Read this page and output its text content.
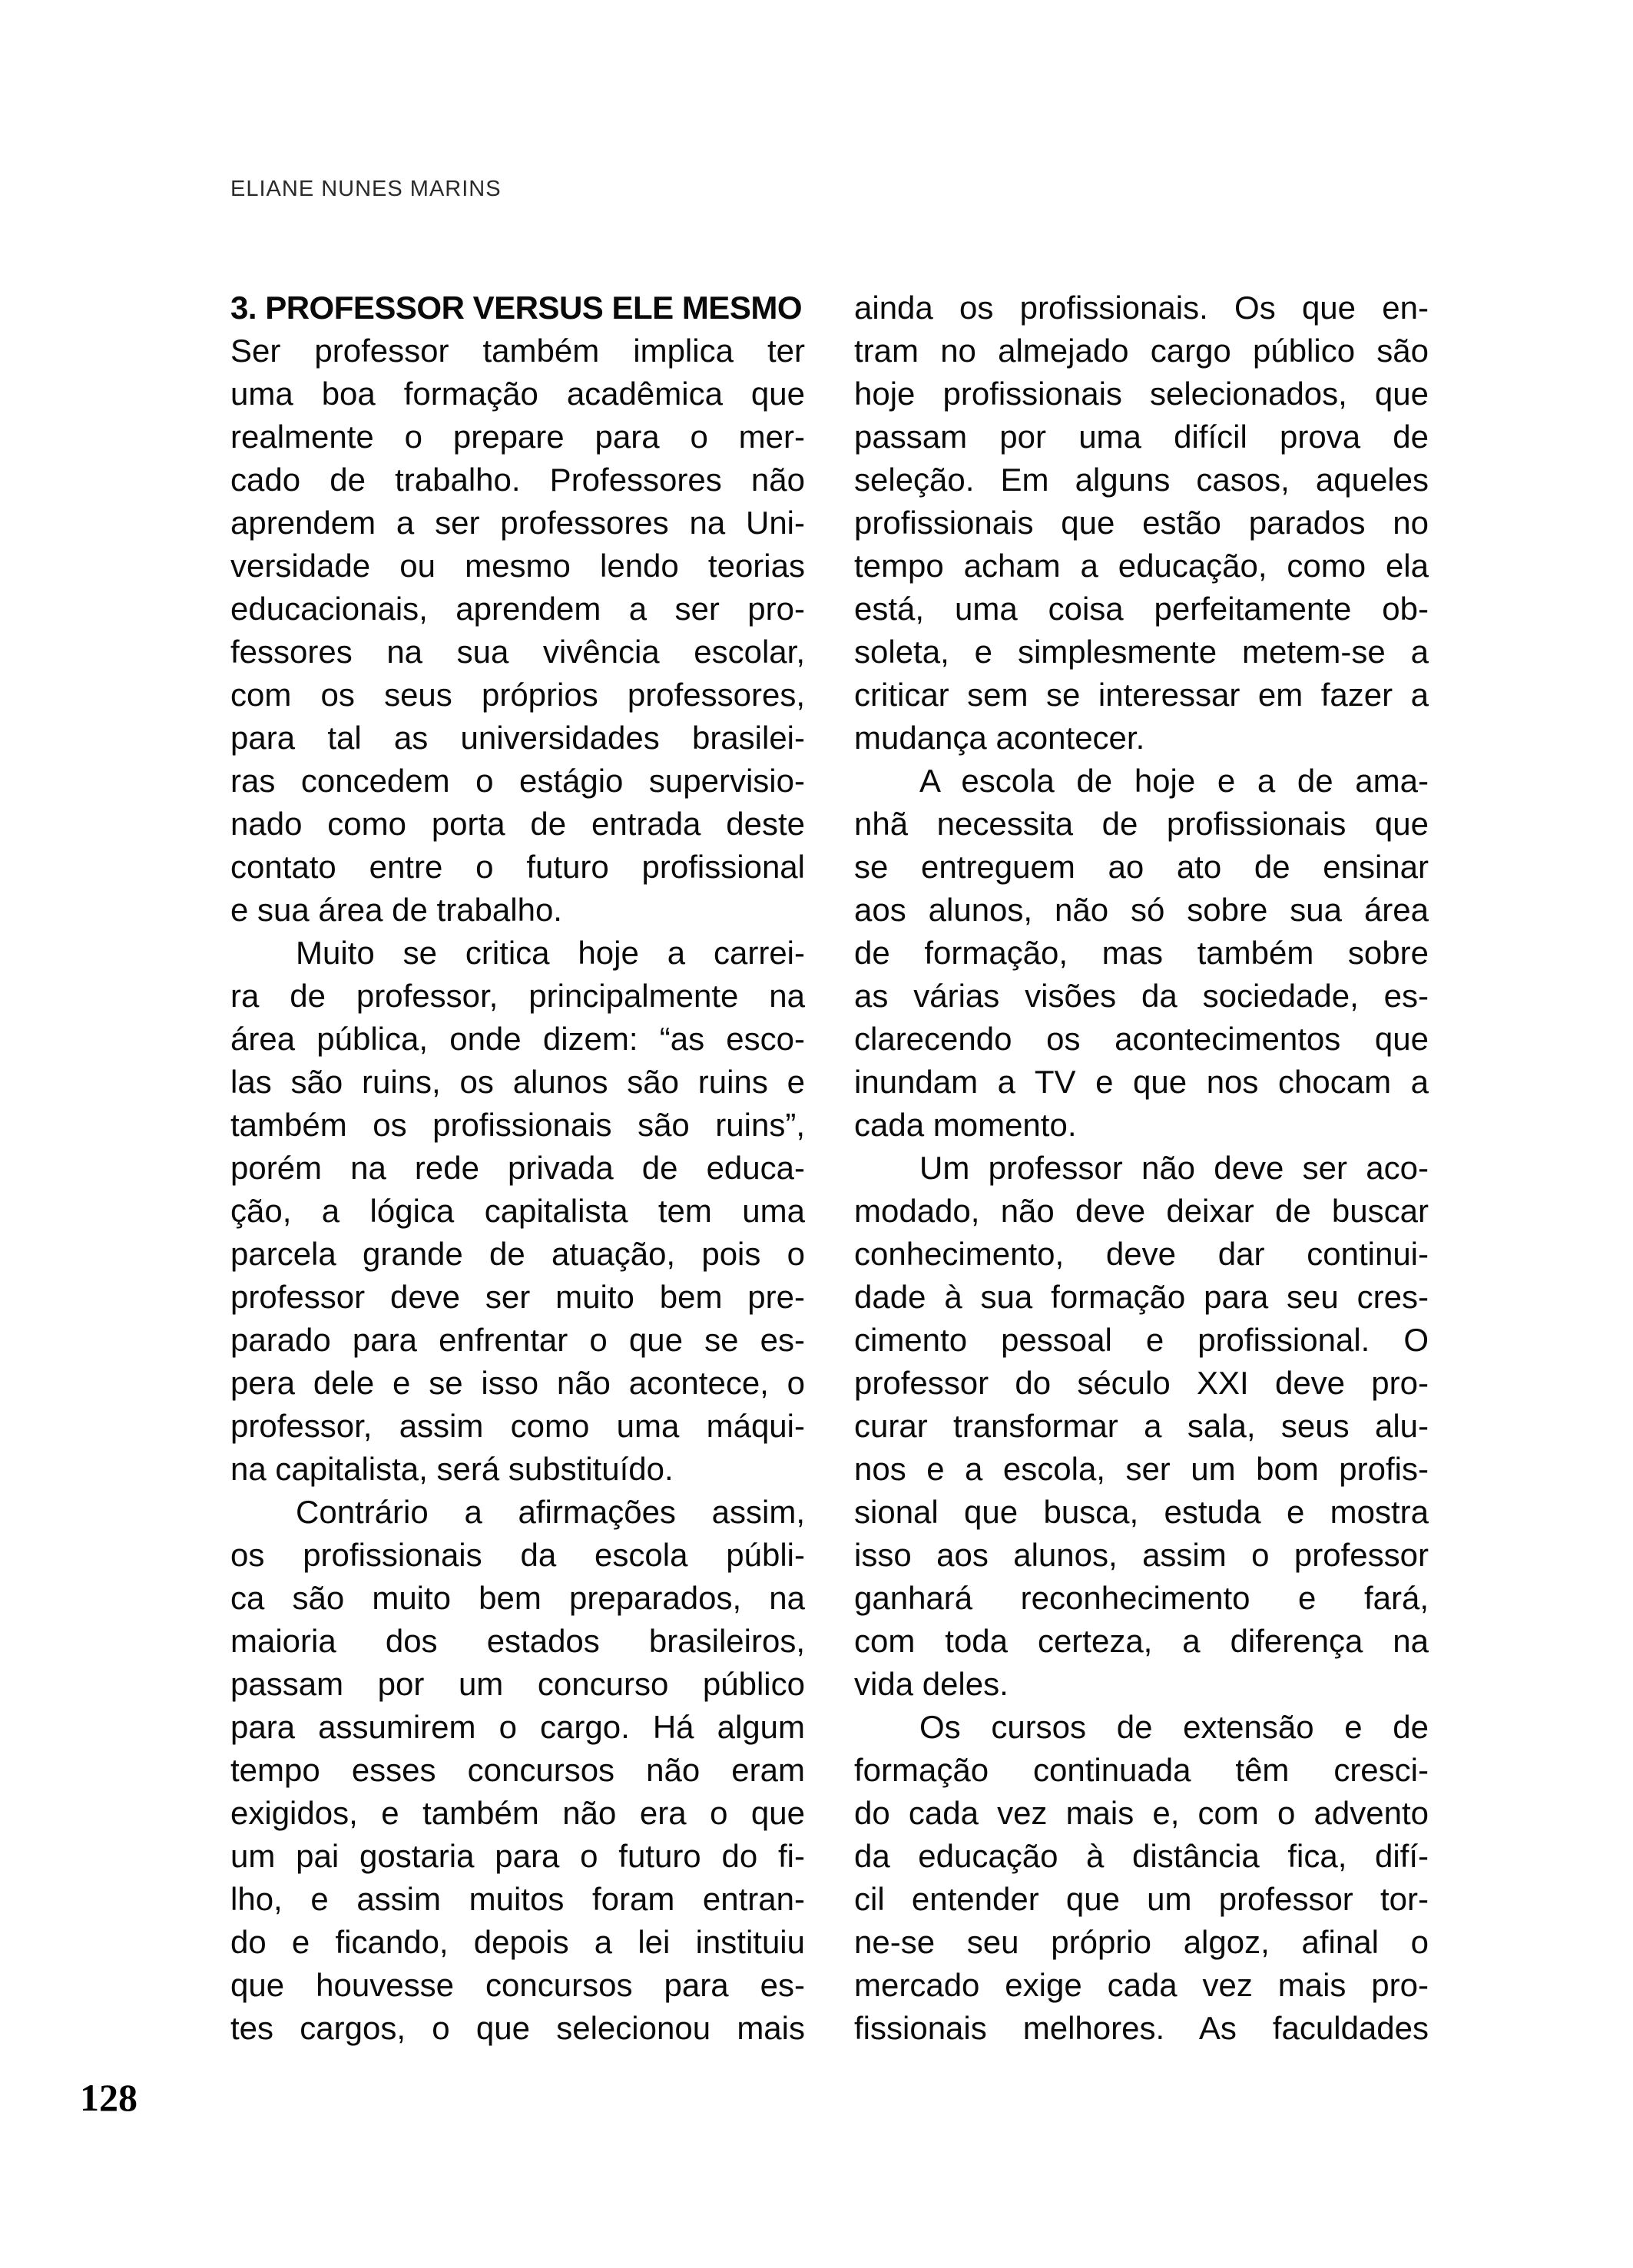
ELIANE NUNES MARINS
3. PROFESSOR VERSUS ELE MESMO
Ser professor também implica ter
uma boa formação acadêmica que
realmente o prepare para o mer-
cado de trabalho. Professores não
aprendem a ser professores na Uni-
versidade ou mesmo lendo teorias
educacionais, aprendem a ser pro-
fessores na sua vivência escolar,
com os seus próprios professores,
para tal as universidades brasilei-
ras concedem o estágio supervisio-
nado como porta de entrada deste
contato entre o futuro profissional
e sua área de trabalho.
Muito se critica hoje a carrei-
ra de professor, principalmente na
área pública, onde dizem: “as esco-
las são ruins, os alunos são ruins e
também os profissionais são ruins”,
porém na rede privada de educa-
ção, a lógica capitalista tem uma
parcela grande de atuação, pois o
professor deve ser muito bem pre-
parado para enfrentar o que se es-
pera dele e se isso não acontece, o
professor, assim como uma máqui-
na capitalista, será substituído.
Contrário a afirmações assim,
os profissionais da escola públi-
ca são muito bem preparados, na
maioria dos estados brasileiros,
passam por um concurso público
para assumirem o cargo. Há algum
tempo esses concursos não eram
exigidos, e também não era o que
um pai gostaria para o futuro do fi-
lho, e assim muitos foram entran-
do e ficando, depois a lei instituiu
que houvesse concursos para es-
tes cargos, o que selecionou mais
ainda os profissionais. Os que en-
tram no almejado cargo público são
hoje profissionais selecionados, que
passam por uma difícil prova de
seleção. Em alguns casos, aqueles
profissionais que estão parados no
tempo acham a educação, como ela
está, uma coisa perfeitamente ob-
soleta, e simplesmente metem-se a
criticar sem se interessar em fazer a
mudança acontecer.
A escola de hoje e a de ama-
nhã necessita de profissionais que
se entreguem ao ato de ensinar
aos alunos, não só sobre sua área
de formação, mas também sobre
as várias visões da sociedade, es-
clarecendo os acontecimentos que
inundam a TV e que nos chocam a
cada momento.
Um professor não deve ser aco-
modado, não deve deixar de buscar
conhecimento, deve dar continui-
dade à sua formação para seu cres-
cimento pessoal e profissional. O
professor do século XXI deve pro-
curar transformar a sala, seus alu-
nos e a escola, ser um bom profis-
sional que busca, estuda e mostra
isso aos alunos, assim o professor
ganhará reconhecimento e fará,
com toda certeza, a diferença na
vida deles.
Os cursos de extensão e de
formação continuada têm cresci-
do cada vez mais e, com o advento
da educação à distância fica, difí-
cil entender que um professor tor-
ne-se seu próprio algoz, afinal o
mercado exige cada vez mais pro-
fissionais melhores. As faculdades
128
